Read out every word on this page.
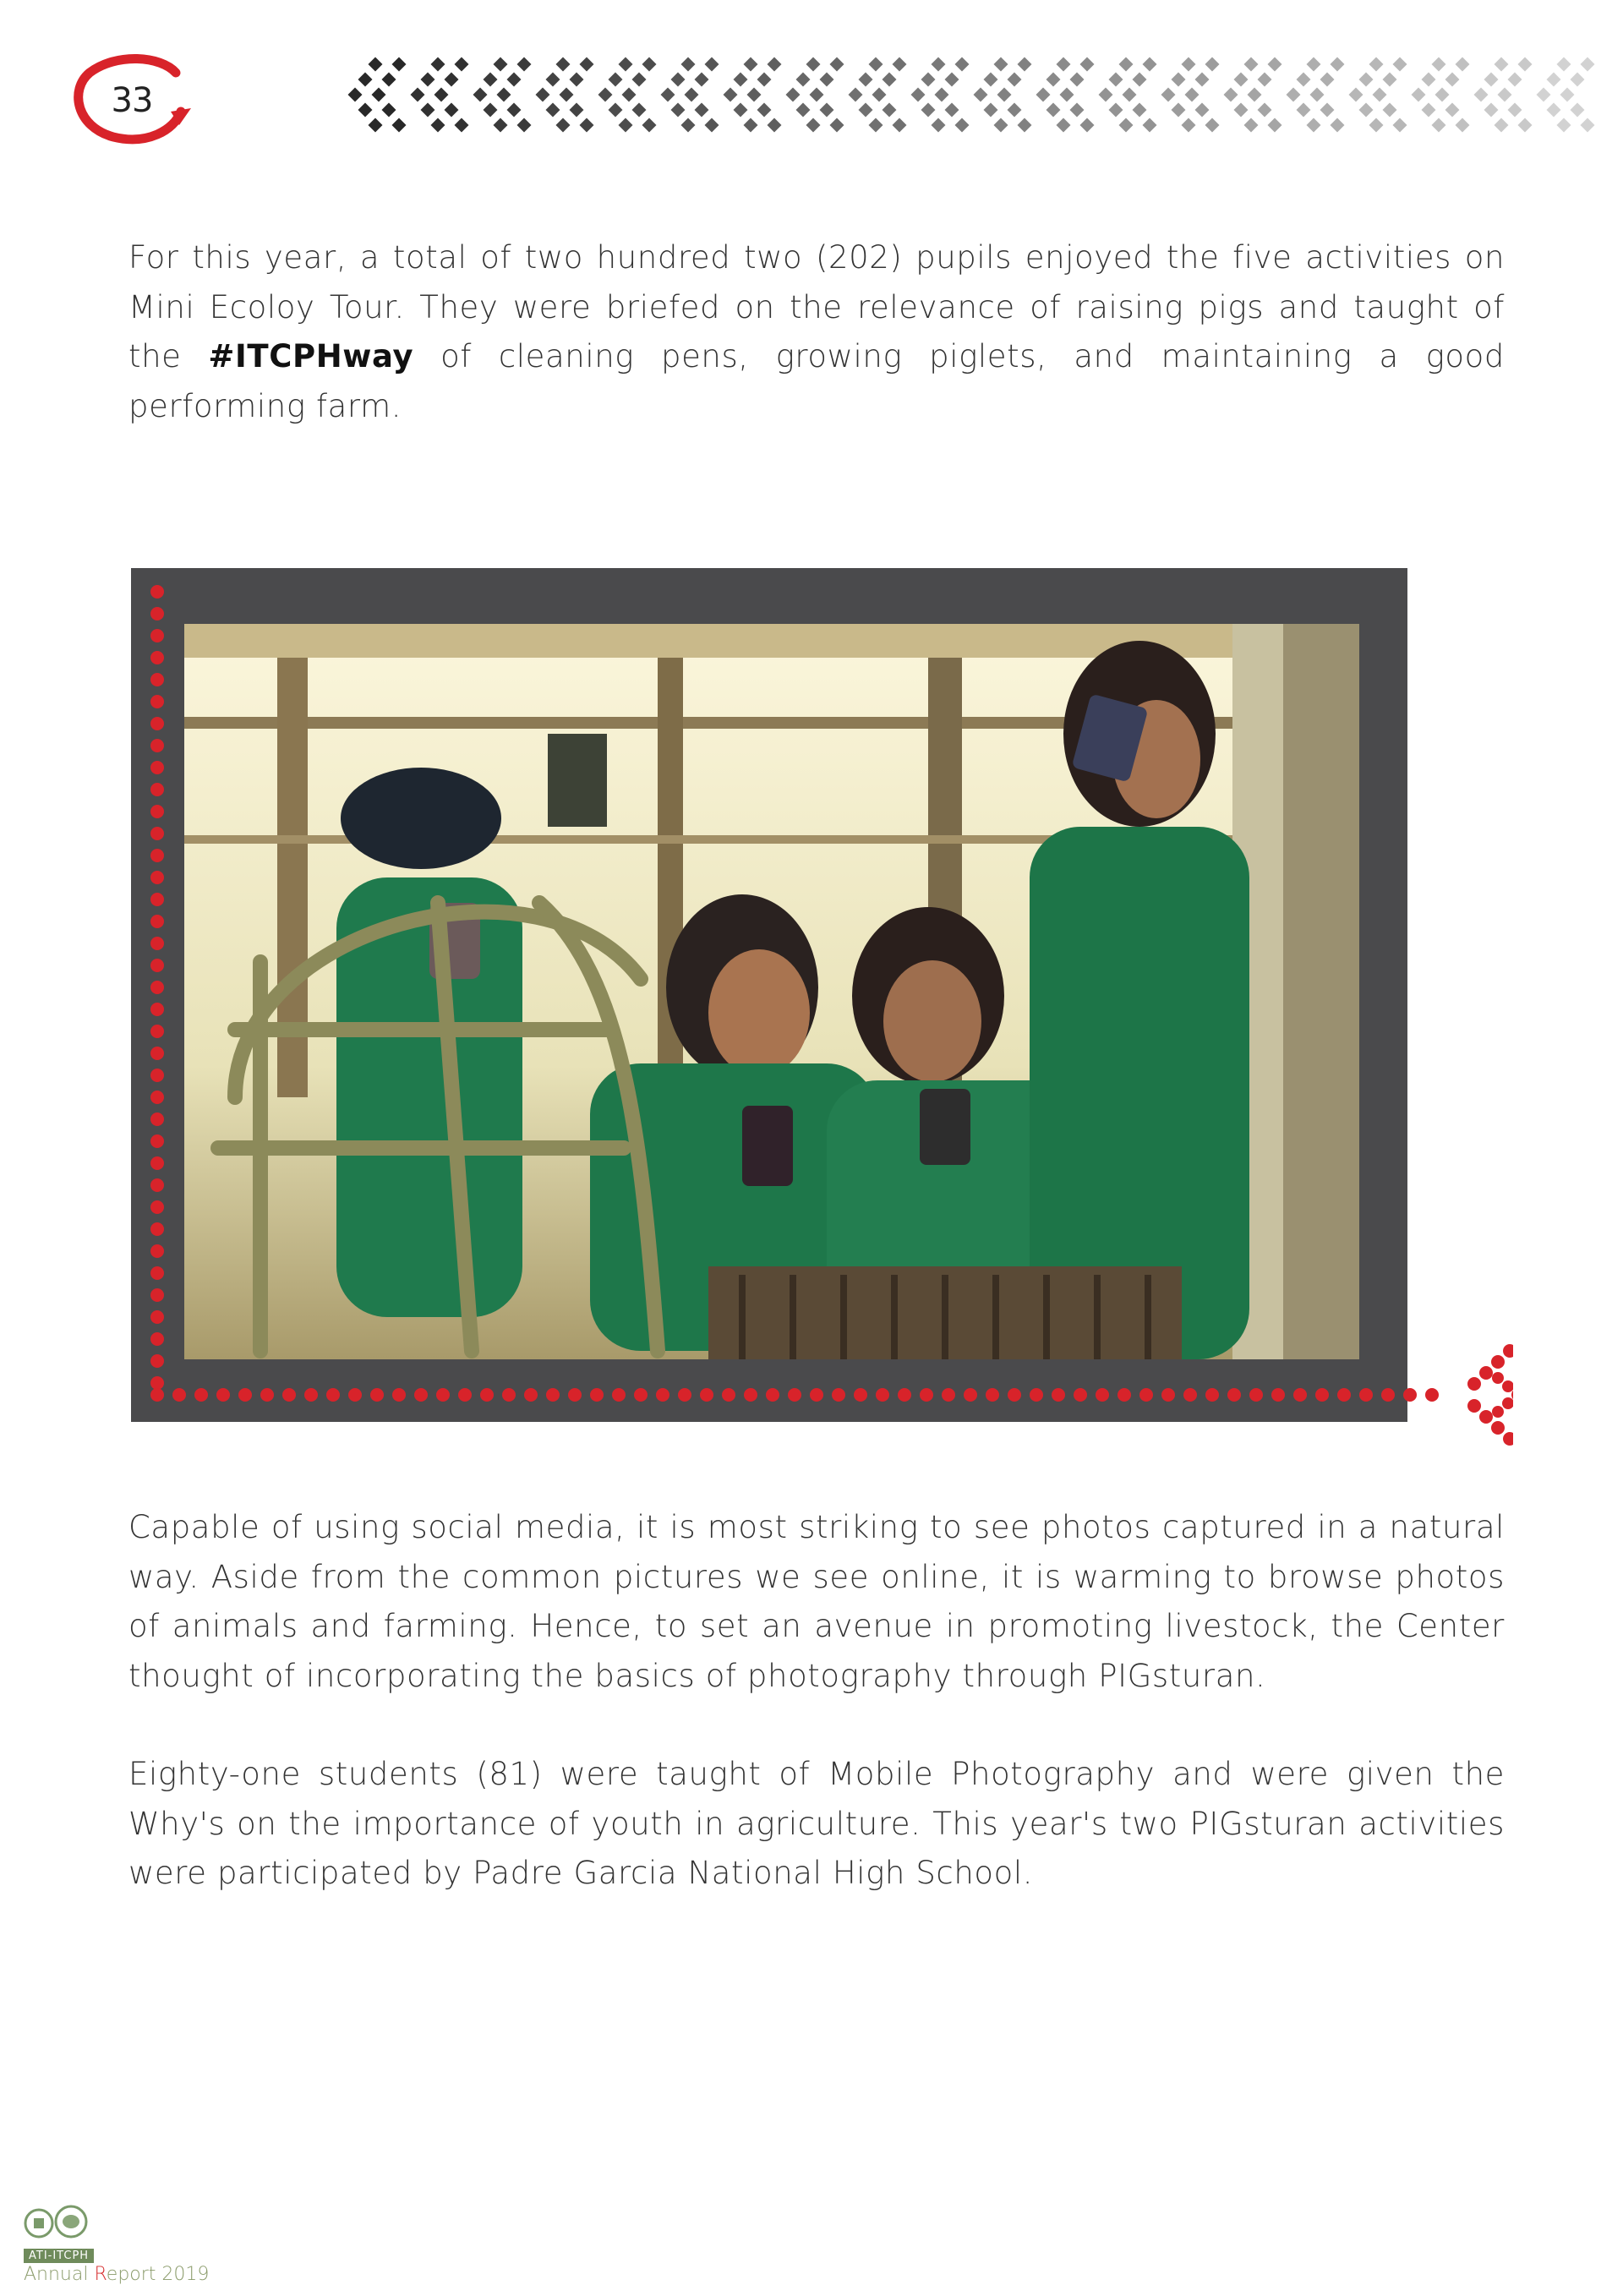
33
For this year, a total of two hundred two (202) pupils enjoyed the five activities on Mini Ecoloy Tour. They were briefed on the relevance of raising pigs and taught of the #ITCPHway of cleaning pens, growing piglets, and maintaining a good performing farm.
Capable of using social media, it is most striking to see photos captured in a natural way. Aside from the common pictures we see online, it is warming to browse photos of animals and farming. Hence, to set an avenue in promoting livestock, the Center thought of incorporating the basics of photography through PIGsturan.
Eighty-one students (81) were taught of Mobile Photography and were given the Why's on the importance of youth in agriculture. This year's two PIGsturan activities were participated by Padre Garcia National High School.
ATI-ITCPH
Annual Report 2019
